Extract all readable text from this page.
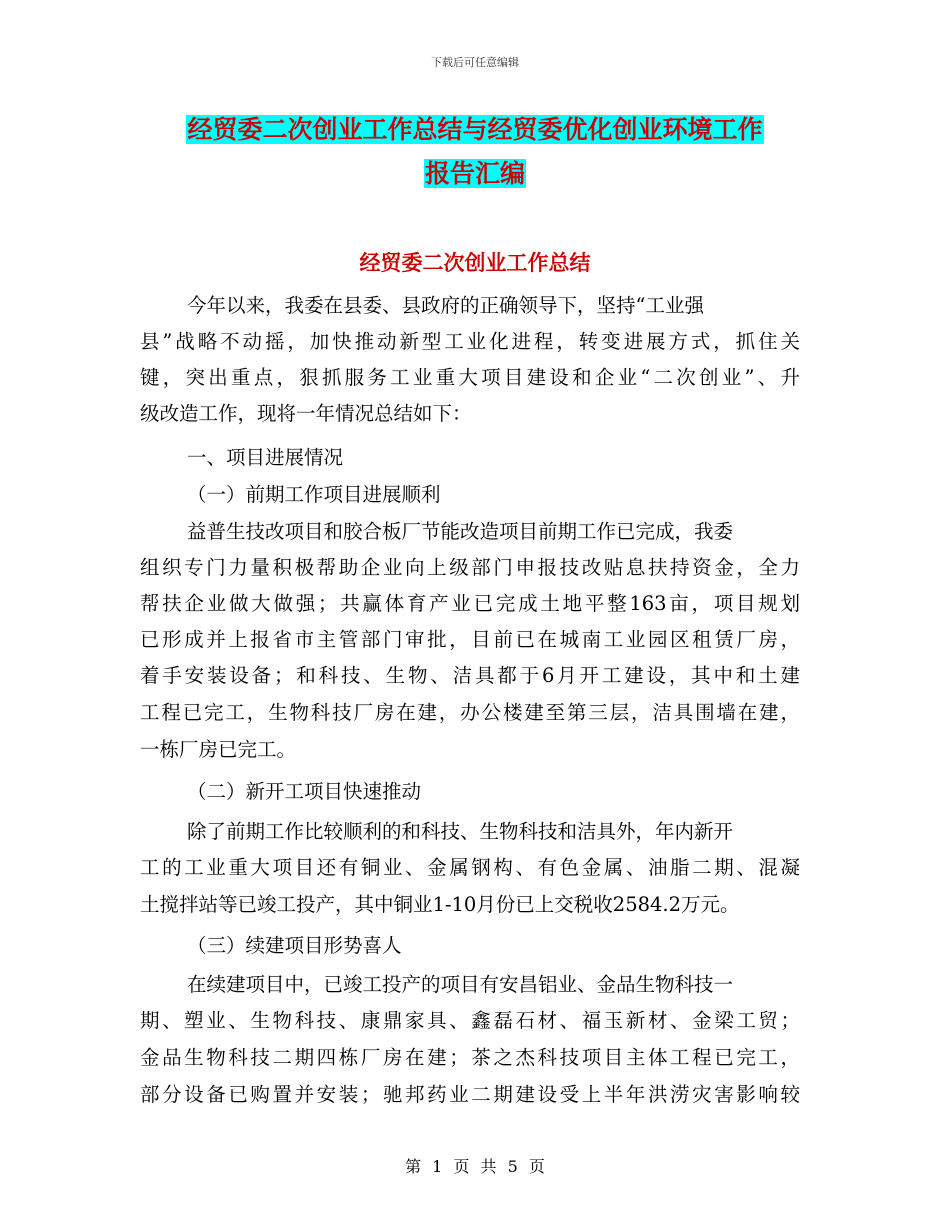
下载后可任意编辑
经贸委二次创业工作总结与经贸委优化创业环境工作
报告汇编
经贸委二次创业工作总结
今年以来，我委在县委、县政府的正确领导下，坚持“工业强
县”战略不动摇，加快推动新型工业化进程，转变进展方式，抓住关
键，突出重点，狠抓服务工业重大项目建设和企业“二次创业”、升
级改造工作，现将一年情况总结如下：
一、项目进展情况
（一）前期工作项目进展顺利
益普生技改项目和胶合板厂节能改造项目前期工作已完成，我委
组织专门力量积极帮助企业向上级部门申报技改贴息扶持资金，全力
帮扶企业做大做强；共赢体育产业已完成土地平整163亩，项目规划
已形成并上报省市主管部门审批，目前已在城南工业园区租赁厂房，
着手安装设备；和科技、生物、洁具都于6月开工建设，其中和土建
工程已完工，生物科技厂房在建，办公楼建至第三层，洁具围墙在建，
一栋厂房已完工。
（二）新开工项目快速推动
除了前期工作比较顺利的和科技、生物科技和洁具外，年内新开
工的工业重大项目还有铜业、金属钢构、有色金属、油脂二期、混凝
土搅拌站等已竣工投产，其中铜业1-10月份已上交税收2584.2万元。
（三）续建项目形势喜人
在续建项目中，已竣工投产的项目有安昌铝业、金品生物科技一
期、塑业、生物科技、康鼎家具、鑫磊石材、福玉新材、金梁工贸；
金品生物科技二期四栋厂房在建；茶之杰科技项目主体工程已完工，
部分设备已购置并安装；驰邦药业二期建设受上半年洪涝灾害影响较
第 1 页 共 5 页
